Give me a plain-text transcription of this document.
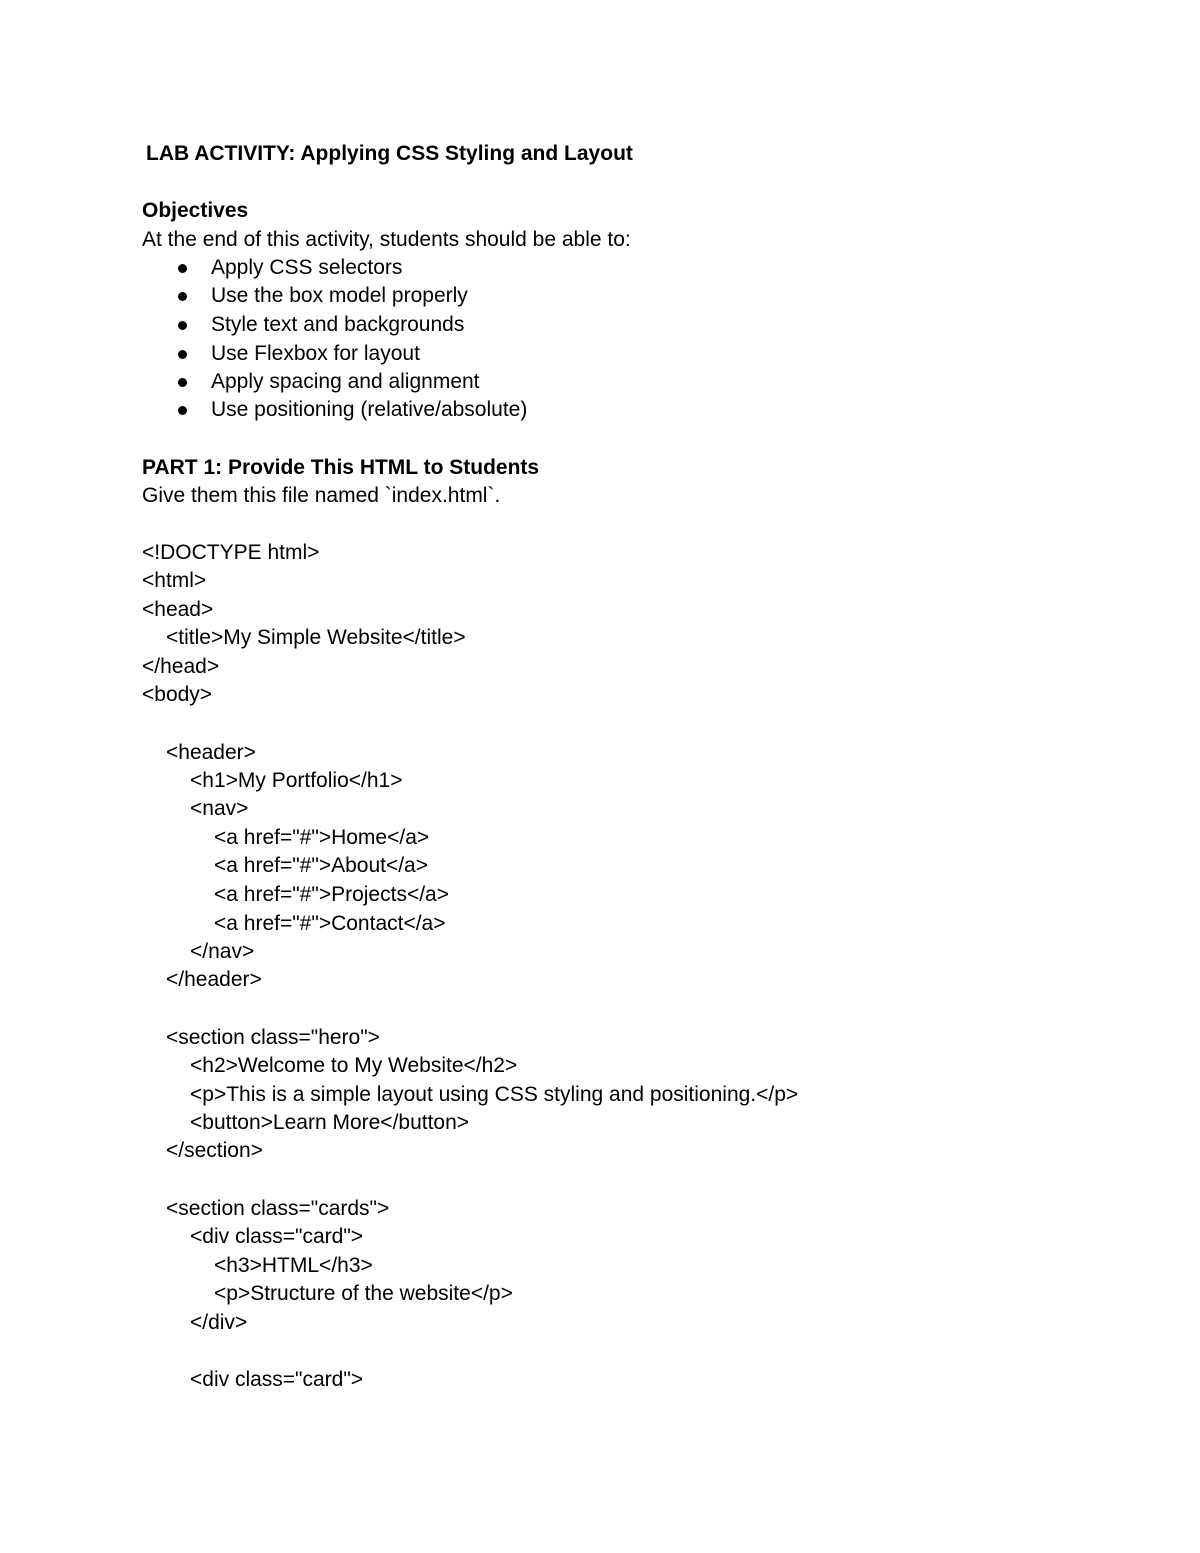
LAB ACTIVITY: Applying CSS Styling and Layout

Objectives

At the end of this activity, students should be able to:

Apply CSS selectors

Use the box model properly

Style text and backgrounds

Use Flexbox for layout

Apply spacing and alignment

Use positioning (relative/absolute)

PART 1: Provide This HTML to Students

Give them this file named `index.html`.

<!DOCTYPE html>

<html>

<head>

<title>My Simple Website</title>

</head>

<body>

<header>

<h1>My Portfolio</h1>

<nav>

<a href="#">Home</a>

<a href="#">About</a>

<a href="#">Projects</a>

<a href="#">Contact</a>

</nav>

</header>

<section class="hero">

<h2>Welcome to My Website</h2>

<p>This is a simple layout using CSS styling and positioning.</p>

<button>Learn More</button>

</section>

<section class="cards">

<div class="card">

<h3>HTML</h3>

<p>Structure of the website</p>

</div>

<div class="card">
